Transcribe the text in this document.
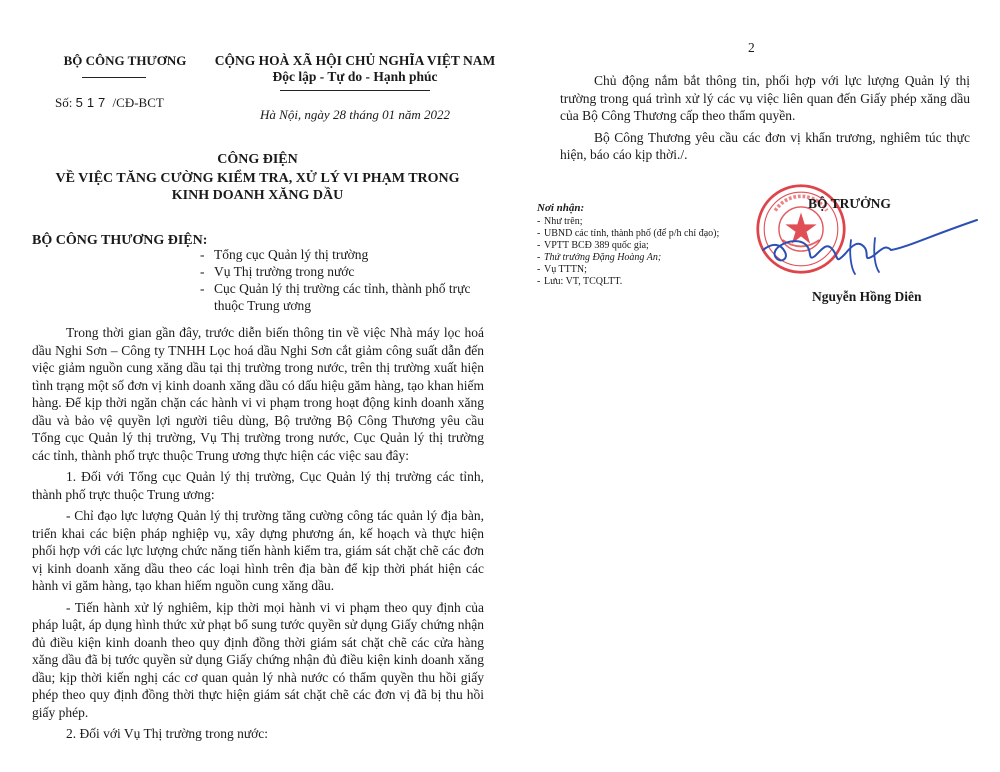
BỘ CÔNG THƯƠNG
Số: 517 /CĐ-BCT
CỘNG HOÀ XÃ HỘI CHỦ NGHĨA VIỆT NAM
Độc lập - Tự do - Hạnh phúc
Hà Nội, ngày 28 tháng 01 năm 2022
CÔNG ĐIỆN
VỀ VIỆC TĂNG CƯỜNG KIỂM TRA, XỬ LÝ VI PHẠM TRONG
KINH DOANH XĂNG DẦU
BỘ CÔNG THƯƠNG ĐIỆN:
- Tổng cục Quản lý thị trường
- Vụ Thị trường trong nước
- Cục Quản lý thị trường các tỉnh, thành phố trực thuộc Trung ương

Trong thời gian gần đây, trước diễn biến thông tin về việc Nhà máy lọc hoá dầu Nghi Sơn – Công ty TNHH Lọc hoá dầu Nghi Sơn cắt giảm công suất dẫn đến việc giảm nguồn cung xăng dầu tại thị trường trong nước, trên thị trường xuất hiện tình trạng một số đơn vị kinh doanh xăng dầu có dấu hiệu găm hàng, tạo khan hiếm hàng. Để kịp thời ngăn chặn các hành vi vi phạm trong hoạt động kinh doanh xăng dầu và bảo vệ quyền lợi người tiêu dùng, Bộ trưởng Bộ Công Thương yêu cầu Tổng cục Quản lý thị trường, Vụ Thị trường trong nước, Cục Quản lý thị trường các tỉnh, thành phố trực thuộc Trung ương thực hiện các việc sau đây:

1. Đối với Tổng cục Quản lý thị trường, Cục Quản lý thị trường các tỉnh, thành phố trực thuộc Trung ương:

- Chỉ đạo lực lượng Quản lý thị trường tăng cường công tác quản lý địa bàn, triển khai các biện pháp nghiệp vụ, xây dựng phương án, kế hoạch và thực hiện phối hợp với các lực lượng chức năng tiến hành kiểm tra, giám sát chặt chẽ các đơn vị kinh doanh xăng dầu theo các loại hình trên địa bàn để kịp thời phát hiện các hành vi găm hàng, tạo khan hiếm nguồn cung xăng dầu.

- Tiến hành xử lý nghiêm, kịp thời mọi hành vi vi phạm theo quy định của pháp luật, áp dụng hình thức xử phạt bổ sung tước quyền sử dụng Giấy chứng nhận đủ điều kiện kinh doanh theo quy định đồng thời giám sát chặt chẽ các cửa hàng xăng dầu đã bị tước quyền sử dụng Giấy chứng nhận đủ điều kiện kinh doanh xăng dầu; kịp thời kiến nghị các cơ quan quản lý nhà nước có thẩm quyền thu hồi giấy phép theo quy định đồng thời thực hiện giám sát chặt chẽ các đơn vị đã bị thu hồi giấy phép.

2. Đối với Vụ Thị trường trong nước:

2

Chủ động nắm bắt thông tin, phối hợp với lực lượng Quản lý thị trường trong quá trình xử lý các vụ việc liên quan đến Giấy phép xăng dầu của Bộ Công Thương cấp theo thẩm quyền.

Bộ Công Thương yêu cầu các đơn vị khẩn trương, nghiêm túc thực hiện, báo cáo kịp thời./.

Nơi nhận:
- Như trên;
- UBND các tỉnh, thành phố (để p/h chỉ đạo);
- VPTT BCĐ 389 quốc gia;
- Thứ trưởng Đặng Hoàng An;
- Vụ TTTN;
- Lưu: VT, TCQLTT.
BỘ TRƯỞNG
Nguyễn Hồng Diên
